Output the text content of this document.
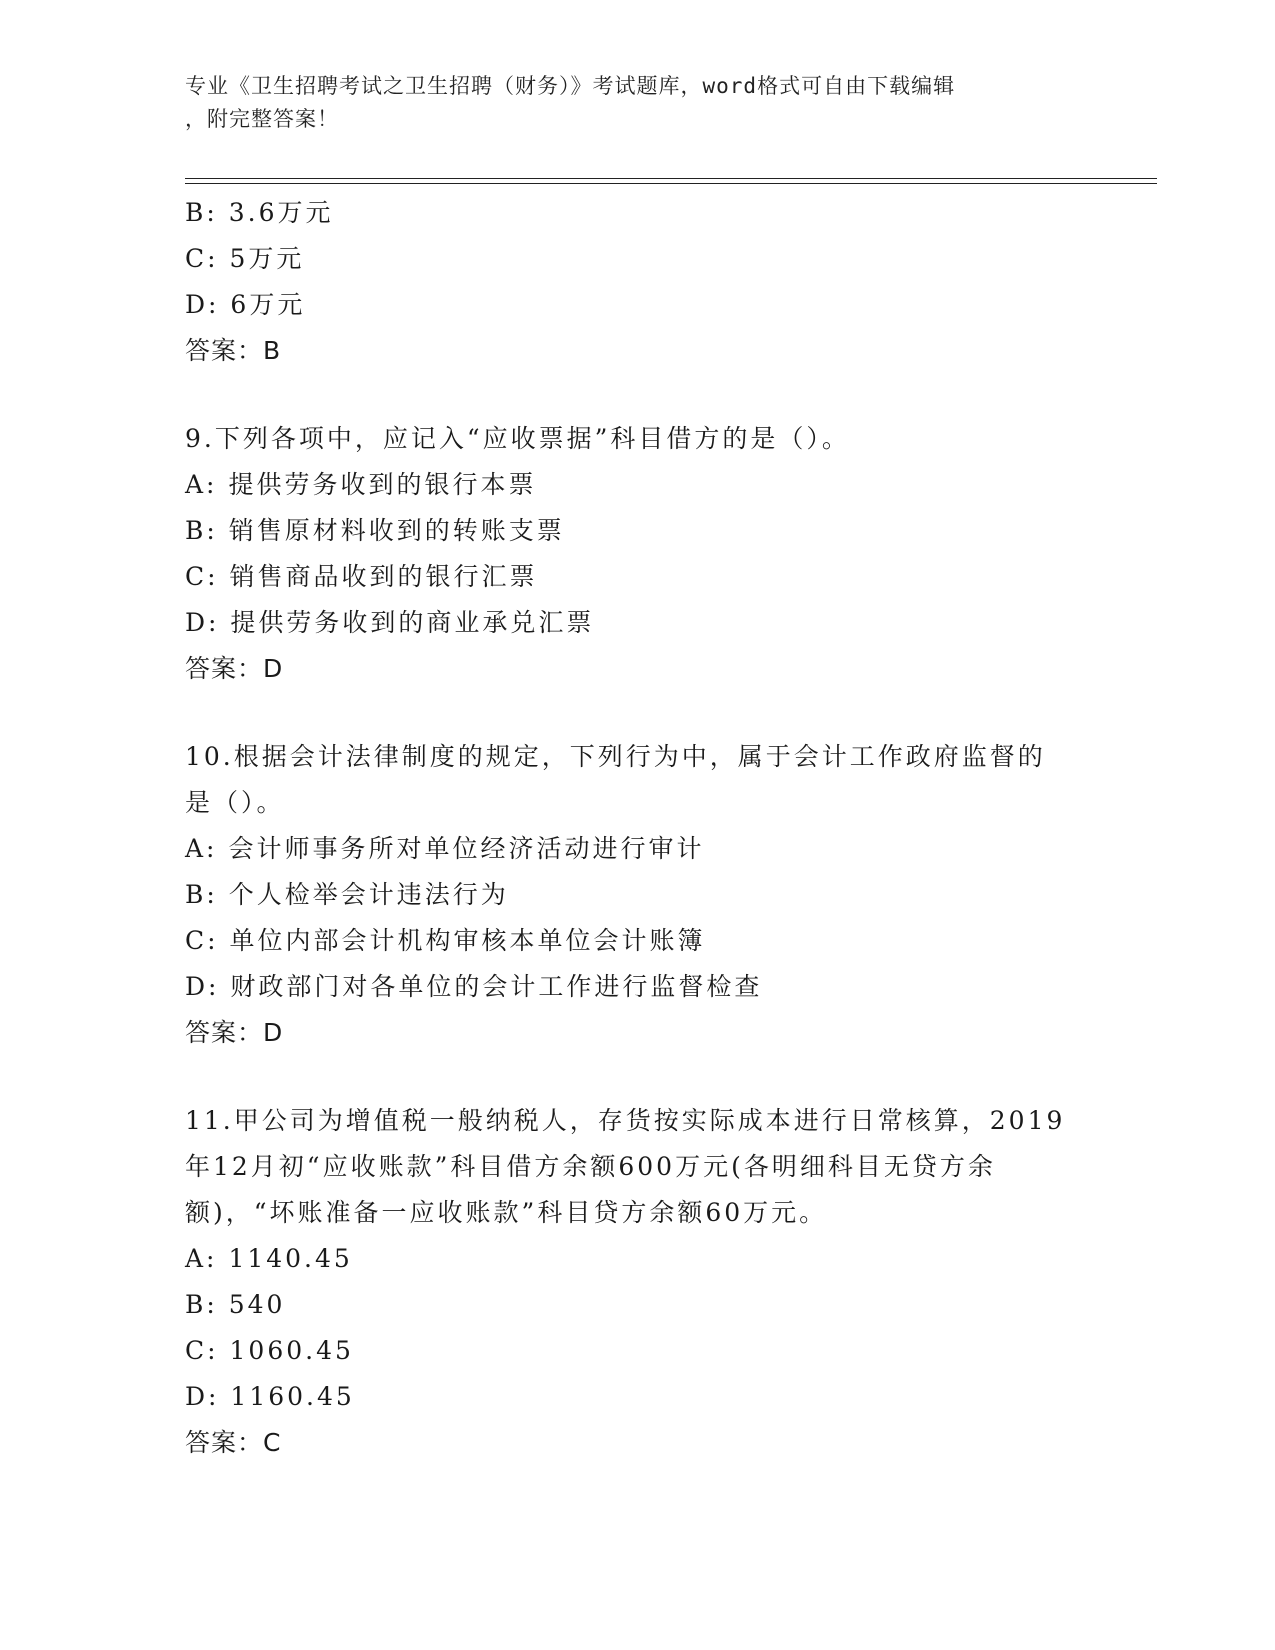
专业《卫生招聘考试之卫生招聘（财务）》考试题库，word格式可自由下载编辑
，附完整答案！
B: 3.6万元
C: 5万元
D: 6万元
答案：B
9.下列各项中，应记入“应收票据”科目借方的是（）。
A: 提供劳务收到的银行本票
B: 销售原材料收到的转账支票
C: 销售商品收到的银行汇票
D: 提供劳务收到的商业承兑汇票
答案：D
10.根据会计法律制度的规定，下列行为中，属于会计工作政府监督的
是（）。
A: 会计师事务所对单位经济活动进行审计
B: 个人检举会计违法行为
C: 单位内部会计机构审核本单位会计账簿
D: 财政部门对各单位的会计工作进行监督检查
答案：D
11.甲公司为增值税一般纳税人，存货按实际成本进行日常核算，2019
年12月初“应收账款”科目借方余额600万元(各明细科目无贷方余
额)，“坏账准备一应收账款”科目贷方余额60万元。
A: 1140.45
B: 540
C: 1060.45
D: 1160.45
答案：C
